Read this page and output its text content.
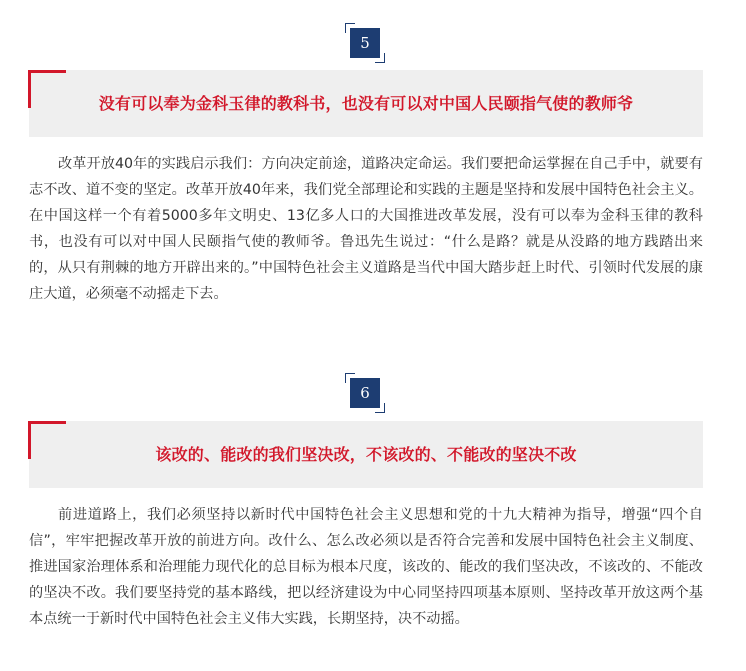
5
没有可以奉为金科玉律的教科书，也没有可以对中国人民颐指气使的教师爷

改革开放40年的实践启示我们：方向决定前途，道路决定命运。我们要把命运掌握在自己手中，就要有志不改、道不变的坚定。改革开放40年来，我们党全部理论和实践的主题是坚持和发展中国特色社会主义。在中国这样一个有着5000多年文明史、13亿多人口的大国推进改革发展，没有可以奉为金科玉律的教科书，也没有可以对中国人民颐指气使的教师爷。鲁迅先生说过：“什么是路？就是从没路的地方践踏出来的，从只有荆棘的地方开辟出来的。”中国特色社会主义道路是当代中国大踏步赶上时代、引领时代发展的康庄大道，必须毫不动摇走下去。

6
该改的、能改的我们坚决改，不该改的、不能改的坚决不改

前进道路上，我们必须坚持以新时代中国特色社会主义思想和党的十九大精神为指导，增强“四个自信”，牢牢把握改革开放的前进方向。改什么、怎么改必须以是否符合完善和发展中国特色社会主义制度、推进国家治理体系和治理能力现代化的总目标为根本尺度，该改的、能改的我们坚决改，不该改的、不能改的坚决不改。我们要坚持党的基本路线，把以经济建设为中心同坚持四项基本原则、坚持改革开放这两个基本点统一于新时代中国特色社会主义伟大实践，长期坚持，决不动摇。
